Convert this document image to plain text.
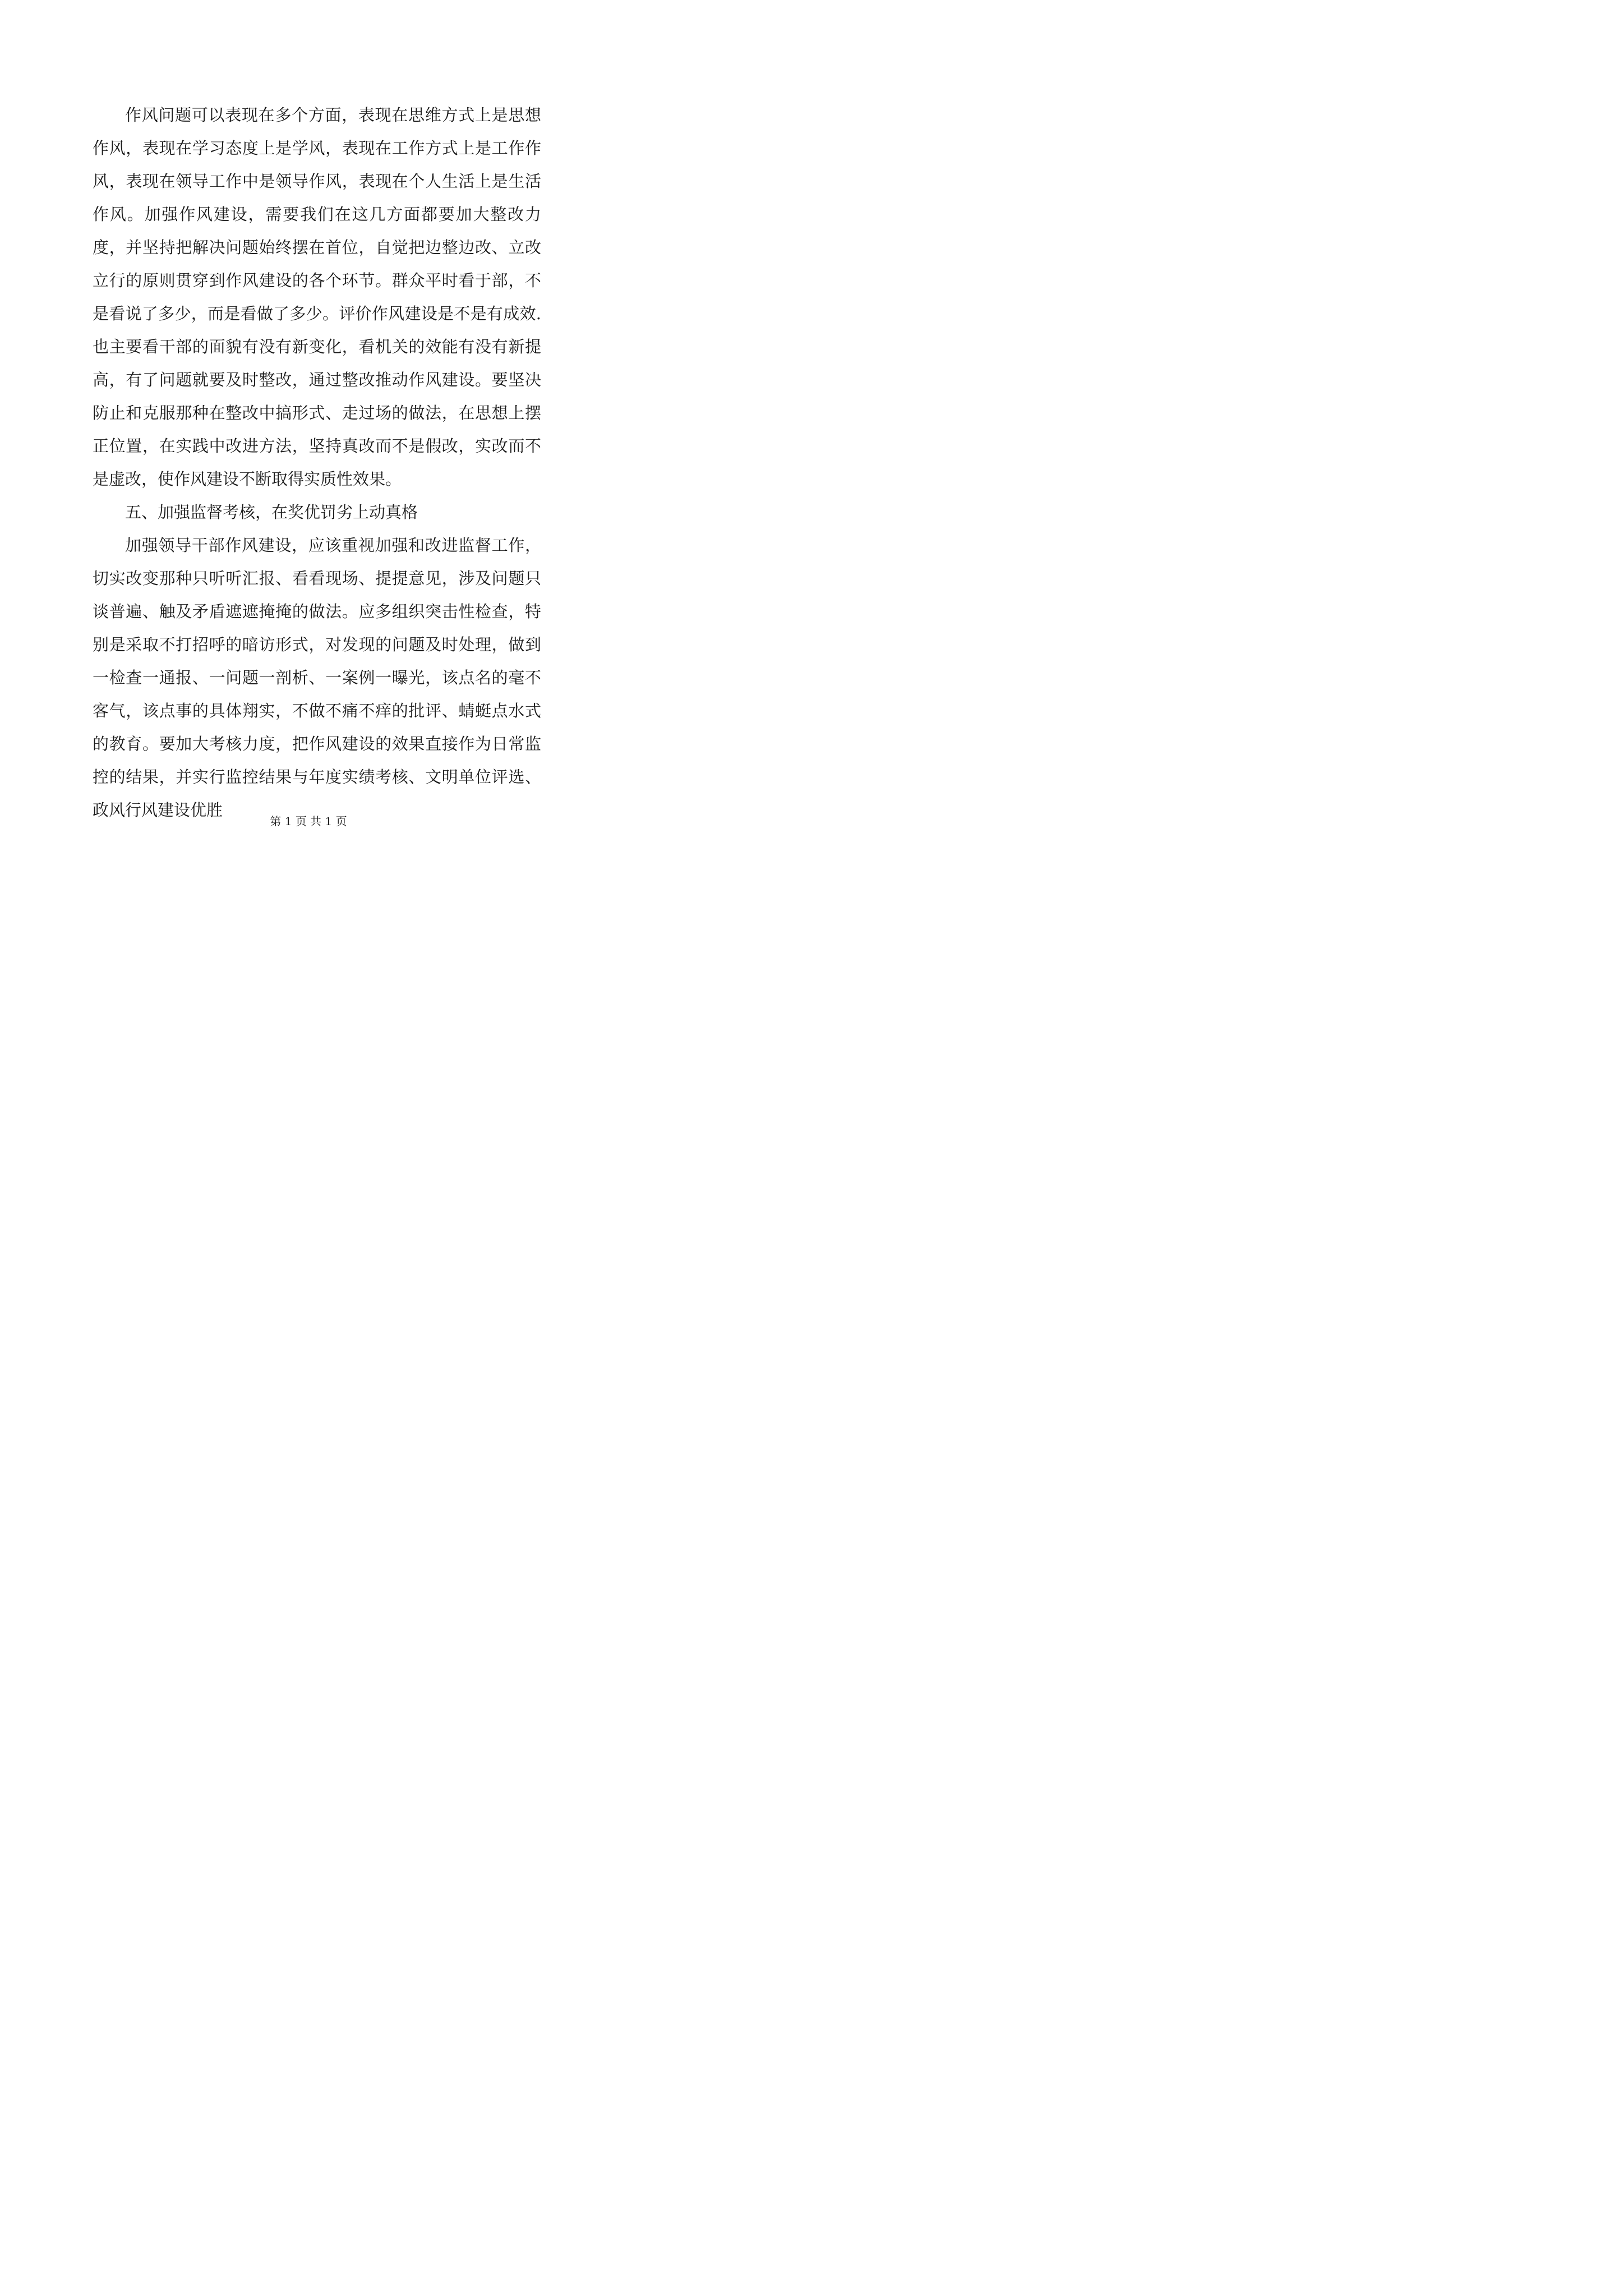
作风问题可以表现在多个方面，表现在思维方式上是思想作风，表现在学习态度上是学风，表现在工作方式上是工作作风，表现在领导工作中是领导作风，表现在个人生活上是生活作风。加强作风建设，需要我们在这几方面都要加大整改力度，并坚持把解决问题始终摆在首位，自觉把边整边改、立改立行的原则贯穿到作风建设的各个环节。群众平时看于部，不是看说了多少，而是看做了多少。评价作风建设是不是有成效.也主要看干部的面貌有没有新变化，看机关的效能有没有新提高，有了问题就要及时整改，通过整改推动作风建设。要坚决防止和克服那种在整改中搞形式、走过场的做法，在思想上摆正位置，在实践中改进方法，坚持真改而不是假改，实改而不是虚改，使作风建设不断取得实质性效果。

五、加强监督考核，在奖优罚劣上动真格

加强领导干部作风建设，应该重视加强和改进监督工作，切实改变那种只听听汇报、看看现场、提提意见，涉及问题只谈普遍、触及矛盾遮遮掩掩的做法。应多组织突击性检查，特别是采取不打招呼的暗访形式，对发现的问题及时处理，做到一检查一通报、一问题一剖析、一案例一曝光，该点名的毫不客气，该点事的具体翔实，不做不痛不痒的批评、蜻蜓点水式的教育。要加大考核力度，把作风建设的效果直接作为日常监控的结果，并实行监控结果与年度实绩考核、文明单位评选、政风行风建设优胜

第 1 页 共 1 页
